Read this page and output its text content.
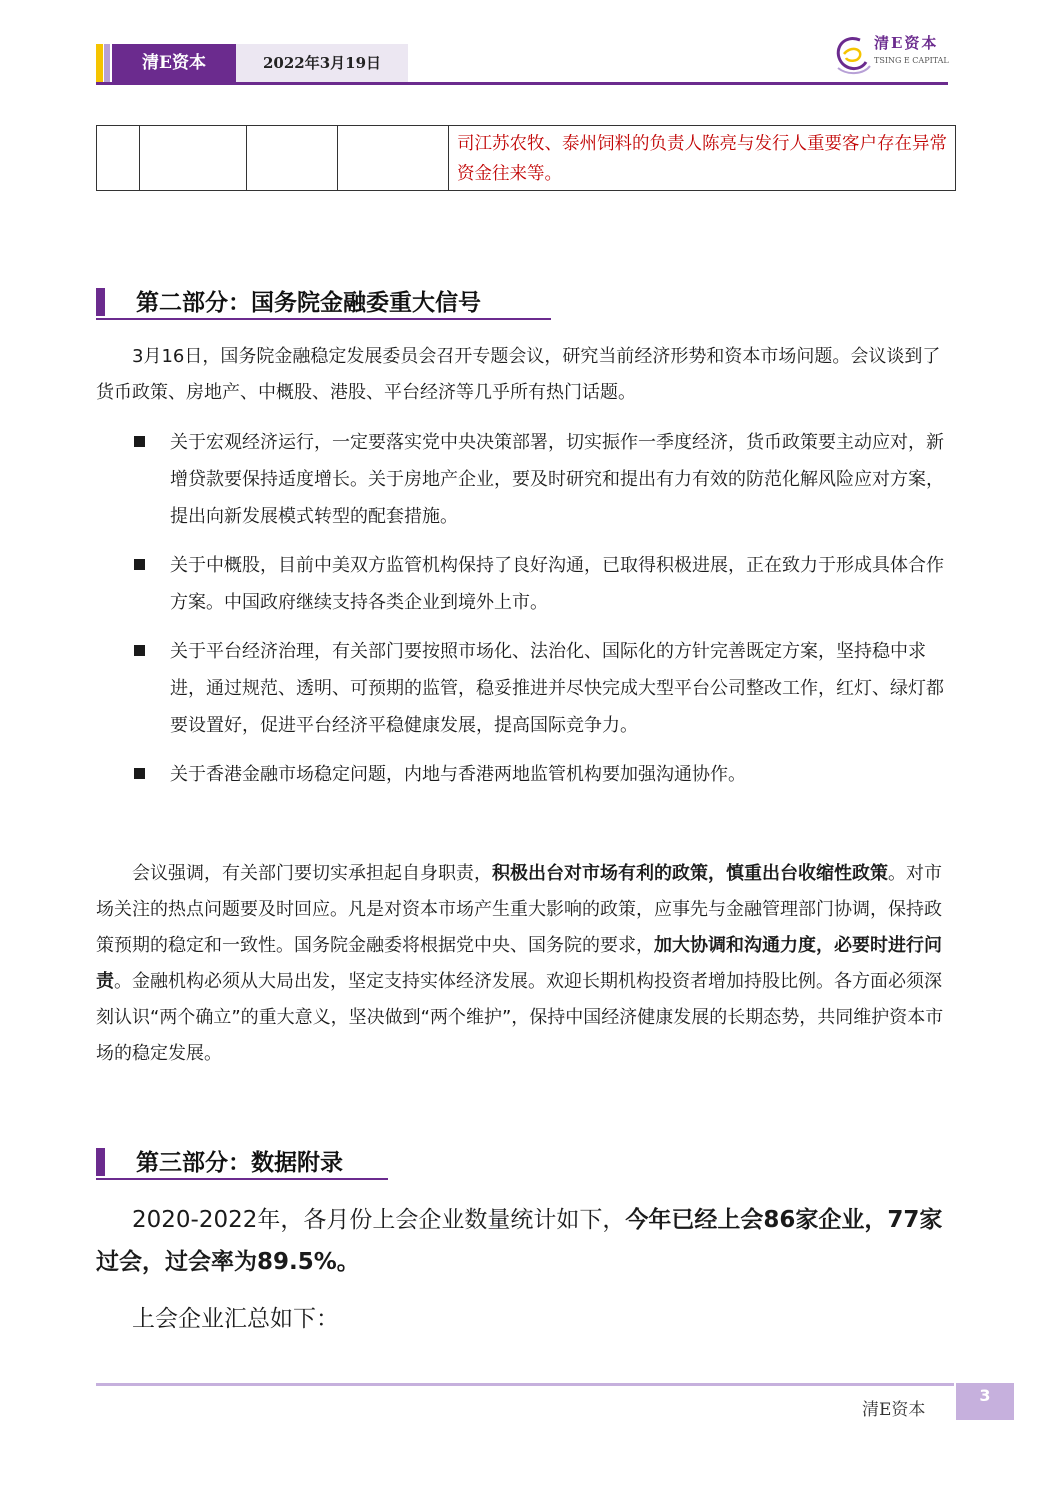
清E资本	2022年3月19日
清E资本
TSING E CAPITAL
				司江苏农牧、泰州饲料的负责人陈亮与发行人重要客户存在异常资金往来等。
第二部分：国务院金融委重大信号
3月16日，国务院金融稳定发展委员会召开专题会议，研究当前经济形势和资本市场问题。会议谈到了货币政策、房地产、中概股、港股、平台经济等几乎所有热门话题。
关于宏观经济运行，一定要落实党中央决策部署，切实振作一季度经济，货币政策要主动应对，新增贷款要保持适度增长。关于房地产企业，要及时研究和提出有力有效的防范化解风险应对方案，提出向新发展模式转型的配套措施。
关于中概股，目前中美双方监管机构保持了良好沟通，已取得积极进展，正在致力于形成具体合作方案。中国政府继续支持各类企业到境外上市。
关于平台经济治理，有关部门要按照市场化、法治化、国际化的方针完善既定方案，坚持稳中求进，通过规范、透明、可预期的监管，稳妥推进并尽快完成大型平台公司整改工作，红灯、绿灯都要设置好，促进平台经济平稳健康发展，提高国际竞争力。
关于香港金融市场稳定问题，内地与香港两地监管机构要加强沟通协作。
会议强调，有关部门要切实承担起自身职责，积极出台对市场有利的政策，慎重出台收缩性政策。对市场关注的热点问题要及时回应。凡是对资本市场产生重大影响的政策，应事先与金融管理部门协调，保持政策预期的稳定和一致性。国务院金融委将根据党中央、国务院的要求，加大协调和沟通力度，必要时进行问责。金融机构必须从大局出发，坚定支持实体经济发展。欢迎长期机构投资者增加持股比例。各方面必须深刻认识“两个确立”的重大意义，坚决做到“两个维护”，保持中国经济健康发展的长期态势，共同维护资本市场的稳定发展。
第三部分：数据附录
2020-2022年，各月份上会企业数量统计如下，今年已经上会86家企业，77家过会，过会率为89.5%。
上会企业汇总如下：
清E资本
3
